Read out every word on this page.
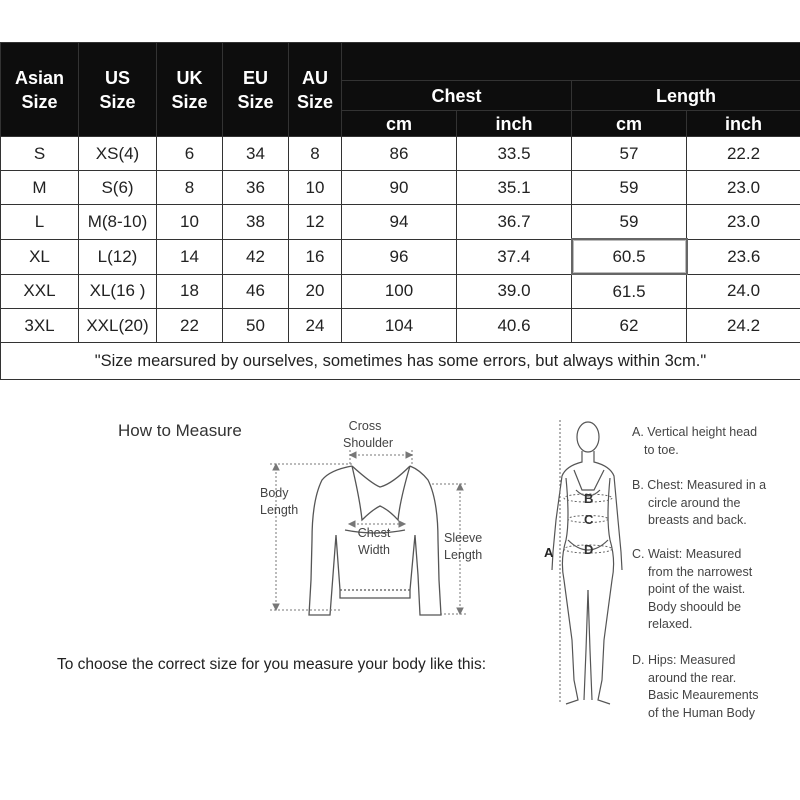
Asian
Size	US
Size	UK
Size	EU
Size	AU
Size				
					Chest		Length	
					cm	inch	cm	inch
S	XS(4)	6	34	8	86	33.5	57	22.2
M	S(6)	8	36	10	90	35.1	59	23.0
L	M(8-10)	10	38	12	94	36.7	59	23.0
XL	L(12)	14	42	16	96	37.4	60.5	23.6
XXL	XL(16 )	18	46	20	100	39.0	61.5	24.0
3XL	XXL(20)	22	50	24	104	40.6	62	24.2
"Size mearsured by ourselves, sometimes has some errors, but always within 3cm."								
How to Measure	Cross
Shoulder
Body
Length
Chest
Width
Sleeve
Length	A
B
C
D
A. Vertical height head
to toe.
B. Chest: Measured in a
circle around the
breasts and back.
C. Waist: Measured
from the narrowest
point of the waist.
Body shoould be
relaxed.
D. Hips: Measured
around the rear.
Basic Meaurements
of the Human Body
To choose the correct size for you measure your body like this:
